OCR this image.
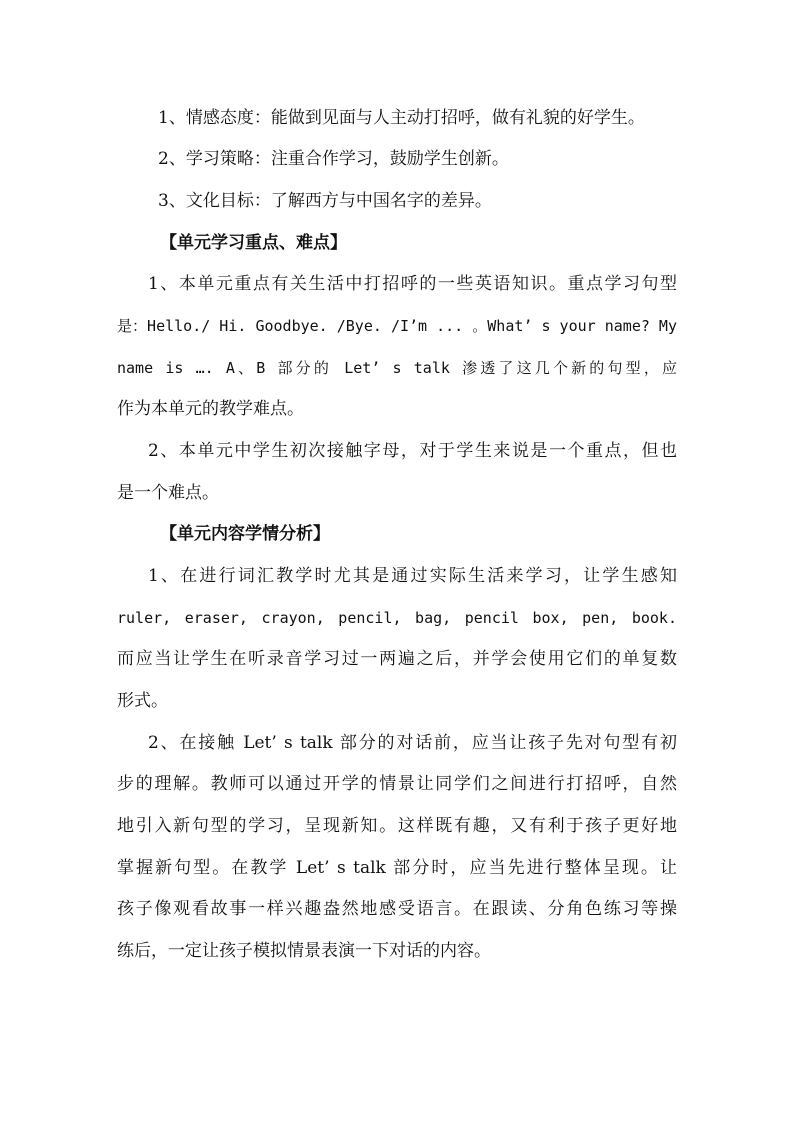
1、情感态度：能做到见面与人主动打招呼，做有礼貌的好学生。
2、学习策略：注重合作学习，鼓励学生创新。
3、文化目标：了解西方与中国名字的差异。
【单元学习重点、难点】
1、本单元重点有关生活中打招呼的一些英语知识。重点学习句型
是：Hello./ Hi. Goodbye. /Bye. /I’m ... 。What’ s your name? My
name is …. A、B 部分的 Let’ s talk 渗透了这几个新的句型，应
作为本单元的教学难点。
2、本单元中学生初次接触字母，对于学生来说是一个重点，但也
是一个难点。
【单元内容学情分析】
1、在进行词汇教学时尤其是通过实际生活来学习，让学生感知
ruler, eraser, crayon, pencil, bag, pencil box, pen, book.
而应当让学生在听录音学习过一两遍之后，并学会使用它们的单复数
形式。
2、在接触 Let’ s talk 部分的对话前，应当让孩子先对句型有初
步的理解。教师可以通过开学的情景让同学们之间进行打招呼，自然
地引入新句型的学习，呈现新知。这样既有趣，又有利于孩子更好地
掌握新句型。在教学 Let’ s talk 部分时，应当先进行整体呈现。让
孩子像观看故事一样兴趣盎然地感受语言。在跟读、分角色练习等操
练后，一定让孩子模拟情景表演一下对话的内容。
